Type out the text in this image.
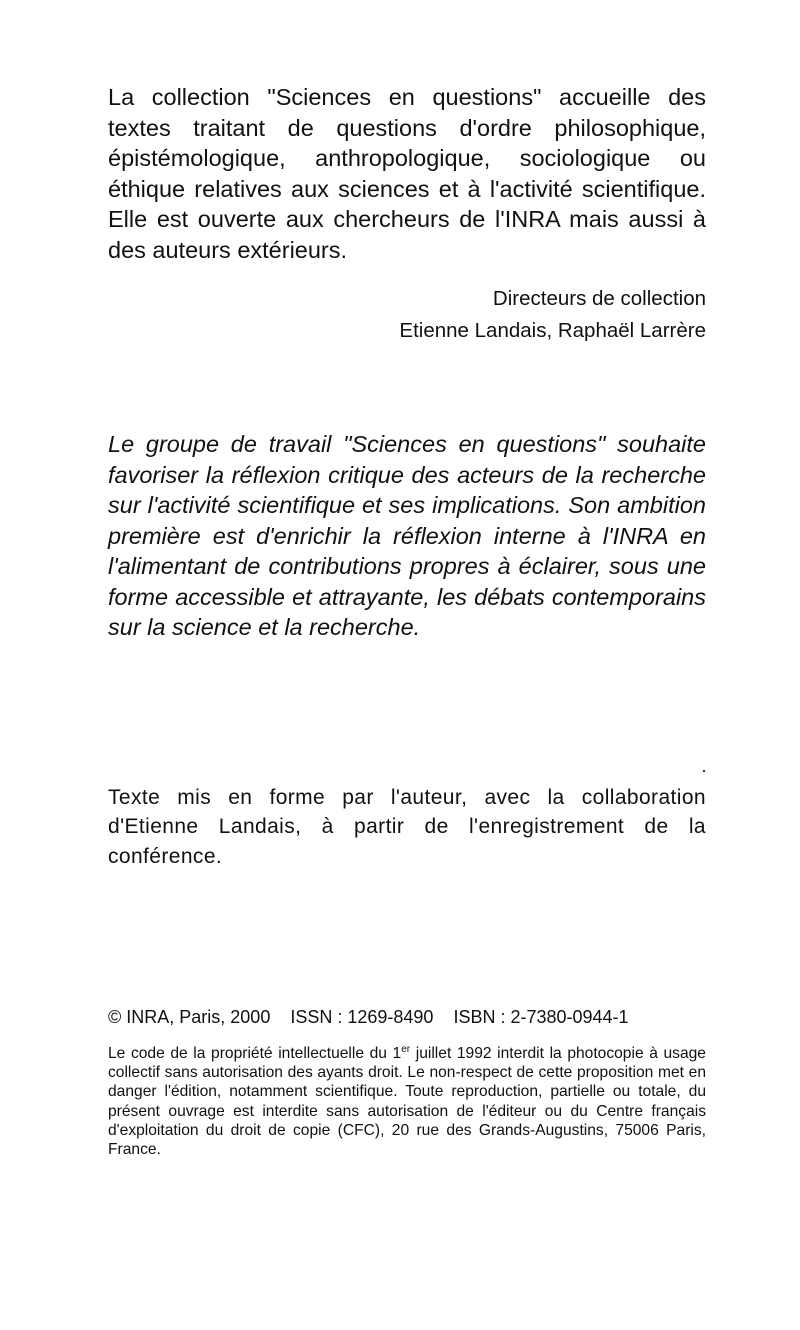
La collection "Sciences en questions" accueille des textes traitant de questions d'ordre philosophique, épistémologique, anthropologique, sociologique ou éthique relatives aux sciences et à l'activité scientifique. Elle est ouverte aux chercheurs de l'INRA mais aussi à des auteurs extérieurs.

Directeurs de collection
Etienne Landais, Raphaël Larrère

Le groupe de travail "Sciences en questions" souhaite favoriser la réflexion critique des acteurs de la recherche sur l'activité scientifique et ses implications. Son ambition première est d'enrichir la réflexion interne à l'INRA en l'alimentant de contributions propres à éclairer, sous une forme accessible et attrayante, les débats contemporains sur la science et la recherche.

Texte mis en forme par l'auteur, avec la collaboration d'Etienne Landais, à partir de l'enregistrement de la conférence.

© INRA, Paris, 2000 ISSN : 1269-8490 ISBN : 2-7380-0944-1

Le code de la propriété intellectuelle du 1er juillet 1992 interdit la photocopie à usage collectif sans autorisation des ayants droit. Le non-respect de cette proposition met en danger l'édition, notamment scientifique. Toute reproduction, partielle ou totale, du présent ouvrage est interdite sans autorisation de l'éditeur ou du Centre français d'exploitation du droit de copie (CFC), 20 rue des Grands-Augustins, 75006 Paris, France.
